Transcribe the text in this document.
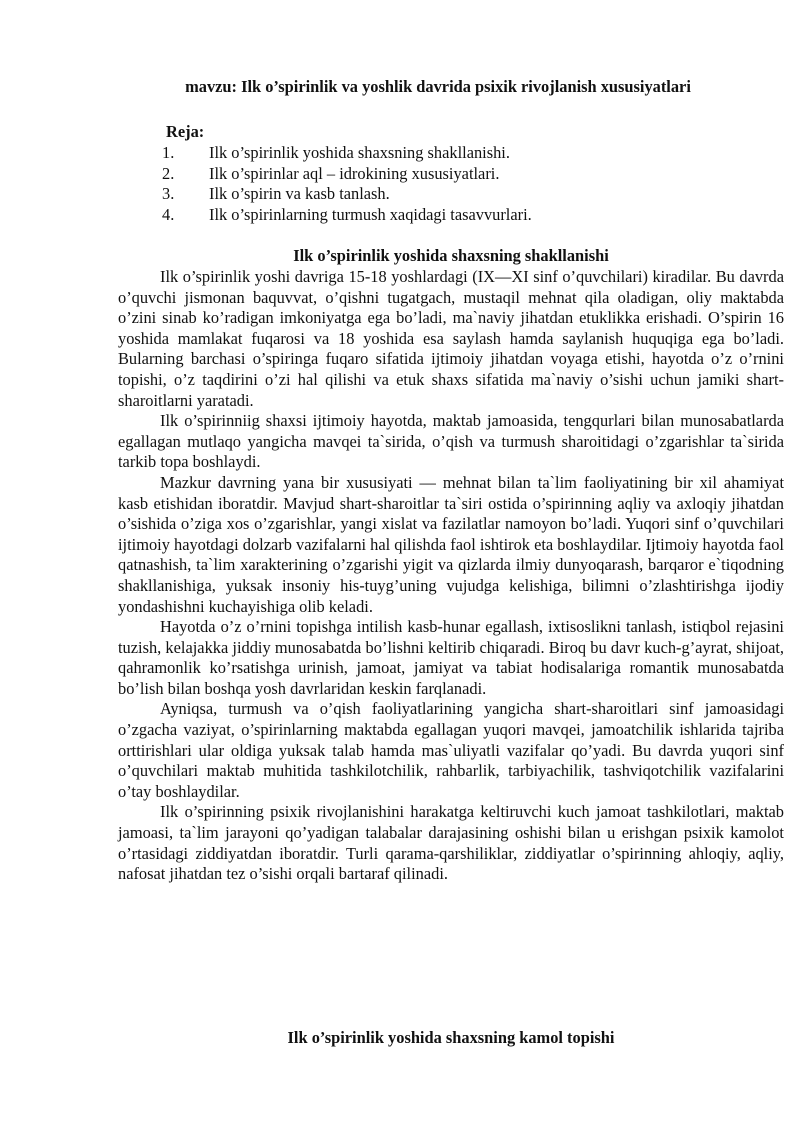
mavzu: Ilk o’spirinlik va yoshlik davrida psixik rivojlanish xususiyatlari

Reja:

1. Ilk o’spirinlik yoshida shaxsning shakllanishi.
2. Ilk o’spirinlar aql – idrokining xususiyatlari.
3. Ilk o’spirin va kasb tanlash.
4. Ilk o’spirinlarning turmush xaqidagi tasavvurlari.
Ilk o’spirinlik yoshida shaxsning shakllanishi

Ilk o’spirinlik yoshi davriga 15-18 yoshlardagi (IX—XI sinf o’quvchilari) kiradilar. Bu davrda o’quvchi jismonan baquvvat, o’qishni tugatgach, mustaqil mehnat qila oladigan, oliy maktabda o’zini sinab ko’radigan imkoniyatga ega bo’ladi, ma`naviy jihatdan etuklikka erishadi. O’spirin 16 yoshida mamlakat fuqarosi va 18 yoshida esa saylash hamda saylanish huquqiga ega bo’ladi. Bularning barchasi o’spiringa fuqaro sifatida ijtimoiy jihatdan voyaga etishi, hayotda o’z o’rnini topishi, o’z taqdirini o’zi hal qilishi va etuk shaxs sifatida ma`naviy o’sishi uchun jamiki shart-sharoitlarni yaratadi.

Ilk o’spirinniig shaxsi ijtimoiy hayotda, maktab jamoasida, tengqurlari bilan munosabatlarda egallagan mutlaqo yangicha mavqei ta`sirida, o’qish va turmush sharoitidagi o’zgarishlar ta`sirida tarkib topa boshlaydi.

Mazkur davrning yana bir xususiyati — mehnat bilan ta`lim faoliyatining bir xil ahamiyat kasb etishidan iboratdir. Mavjud shart-sharoitlar ta`siri ostida o’spirinning aqliy va axloqiy jihatdan o’sishida o’ziga xos o’zgarishlar, yangi xislat va fazilatlar namoyon bo’ladi. Yuqori sinf o’quvchilari ijtimoiy hayotdagi dolzarb vazifalarni hal qilishda faol ishtirok eta boshlaydilar. Ijtimoiy hayotda faol qatnashish, ta`lim xarakterining o’zgarishi yigit va qizlarda ilmiy dunyoqarash, barqaror e`tiqodning shakllanishiga, yuksak insoniy his-tuyg’uning vujudga kelishiga, bilimni o’zlashtirishga ijodiy yondashishni kuchayishiga olib keladi.

Hayotda o’z o’rnini topishga intilish kasb-hunar egallash, ixtisoslikni tanlash, istiqbol rejasini tuzish, kelajakka jiddiy munosabatda bo’lishni keltirib chiqaradi. Biroq bu davr kuch-g’ayrat, shijoat, qahramonlik ko’rsatishga urinish, jamoat, jamiyat va tabiat hodisalariga romantik munosabatda bo’lish bilan boshqa yosh davrlaridan keskin farqlanadi.

Ayniqsa, turmush va o’qish faoliyatlarining yangicha shart-sharoitlari sinf jamoasidagi o’zgacha vaziyat, o’spirinlarning maktabda egallagan yuqori mavqei, jamoatchilik ishlarida tajriba orttirishlari ular oldiga yuksak talab hamda mas`uliyatli vazifalar qo’yadi. Bu davrda yuqori sinf o’quvchilari maktab muhitida tashkilotchilik, rahbarlik, tarbiyachilik, tashviqotchilik vazifalarini o’tay boshlaydilar.

Ilk o’spirinning psixik rivojlanishini harakatga keltiruvchi kuch jamoat tashkilotlari, maktab jamoasi, ta`lim jarayoni qo’yadigan talabalar darajasining oshishi bilan u erishgan psixik kamolot o’rtasidagi ziddiyatdan iboratdir. Turli qarama-qarshiliklar, ziddiyatlar o’spirinning ahloqiy, aqliy, nafosat jihatdan tez o’sishi orqali bartaraf qilinadi.

Ilk o’spirinlik yoshida shaxsning kamol topishi
